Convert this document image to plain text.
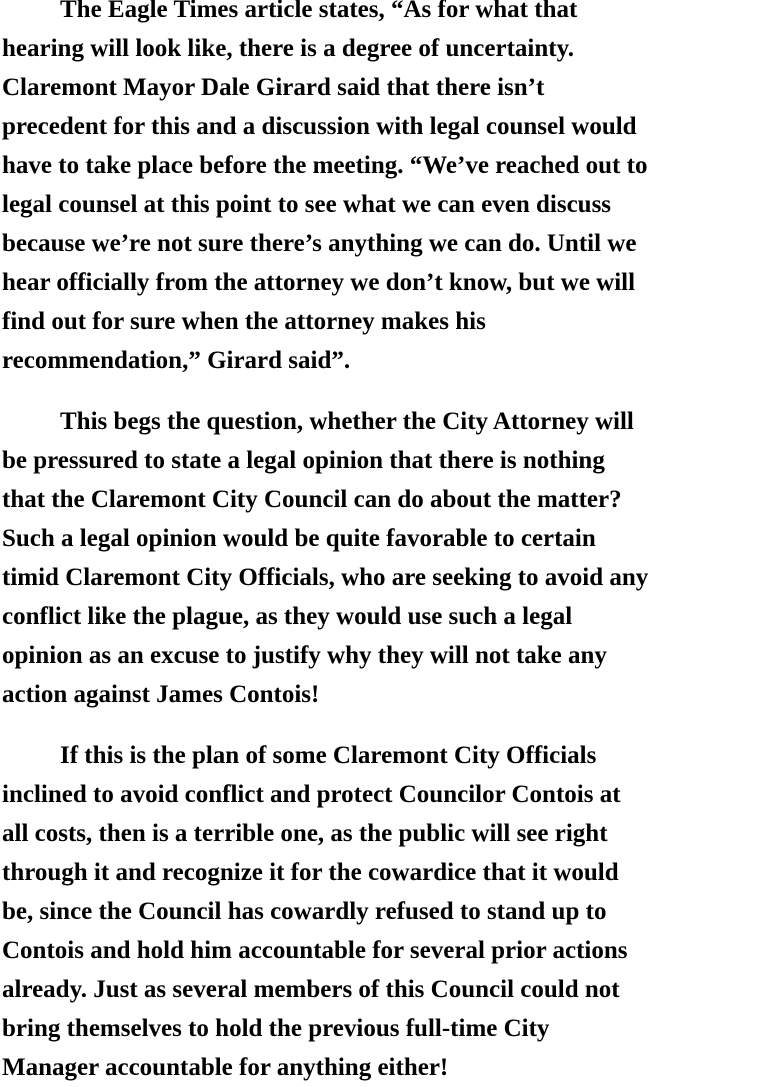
The Eagle Times article states, “As for what that
hearing will look like, there is a degree of uncertainty.
Claremont Mayor Dale Girard said that there isn’t
precedent for this and a discussion with legal counsel would
have to take place before the meeting. “We’ve reached out to
legal counsel at this point to see what we can even discuss
because we’re not sure there’s anything we can do. Until we
hear officially from the attorney we don’t know, but we will
find out for sure when the attorney makes his
recommendation,” Girard said”.
This begs the question, whether the City Attorney will
be pressured to state a legal opinion that there is nothing
that the Claremont City Council can do about the matter?
Such a legal opinion would be quite favorable to certain
timid Claremont City Officials, who are seeking to avoid any
conflict like the plague, as they would use such a legal
opinion as an excuse to justify why they will not take any
action against James Contois!
If this is the plan of some Claremont City Officials
inclined to avoid conflict and protect Councilor Contois at
all costs, then is a terrible one, as the public will see right
through it and recognize it for the cowardice that it would
be, since the Council has cowardly refused to stand up to
Contois and hold him accountable for several prior actions
already. Just as several members of this Council could not
bring themselves to hold the previous full-time City
Manager accountable for anything either!
